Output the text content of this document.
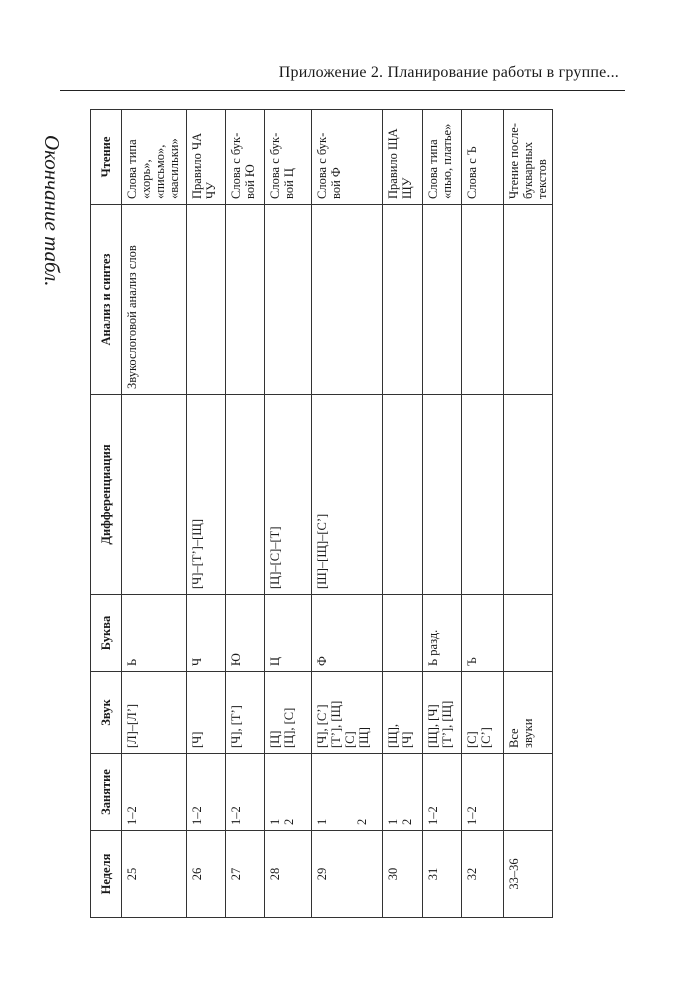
Приложение 2. Планирование работы в группе...
Окончание табл.
Неделя	Занятие	Звук	Буква	Дифференциация	Анализ и синтез	Чтение
25	1–2	[Л]–[Л’]	Ь		Звукослоговой анализ слов	Слова типа «хорь», «письмо», «васильки»

26	1–2	[Ч]	Ч	[Ч]–[Т’]–[Щ]		Правило ЧА ЧУ

27	1–2	[Ч], [Т’]	Ю			Слова с бук- вой Ю

28	1 2	[Ц] [Ц], [С]	Ц	[Ц]–[С]–[Т]		Слова с бук- вой Ц

29	1 2	[Ч], [С’] [Т’], [Щ] [С] [Щ]	Ф	[Ш]–[Щ]–[С’]		Слова с бук- вой Ф

30	1 2	[Щ], [Ч]				Правило ЩА ЩУ

31	1–2	[Щ], [Ч] [Т’], [Щ]	Ь разд.			Слова типа «пью, платье»

32	1–2	[С] [С’]	Ъ			Слова с Ъ

33–36		Все звуки				Чтение после- букварных текстов
